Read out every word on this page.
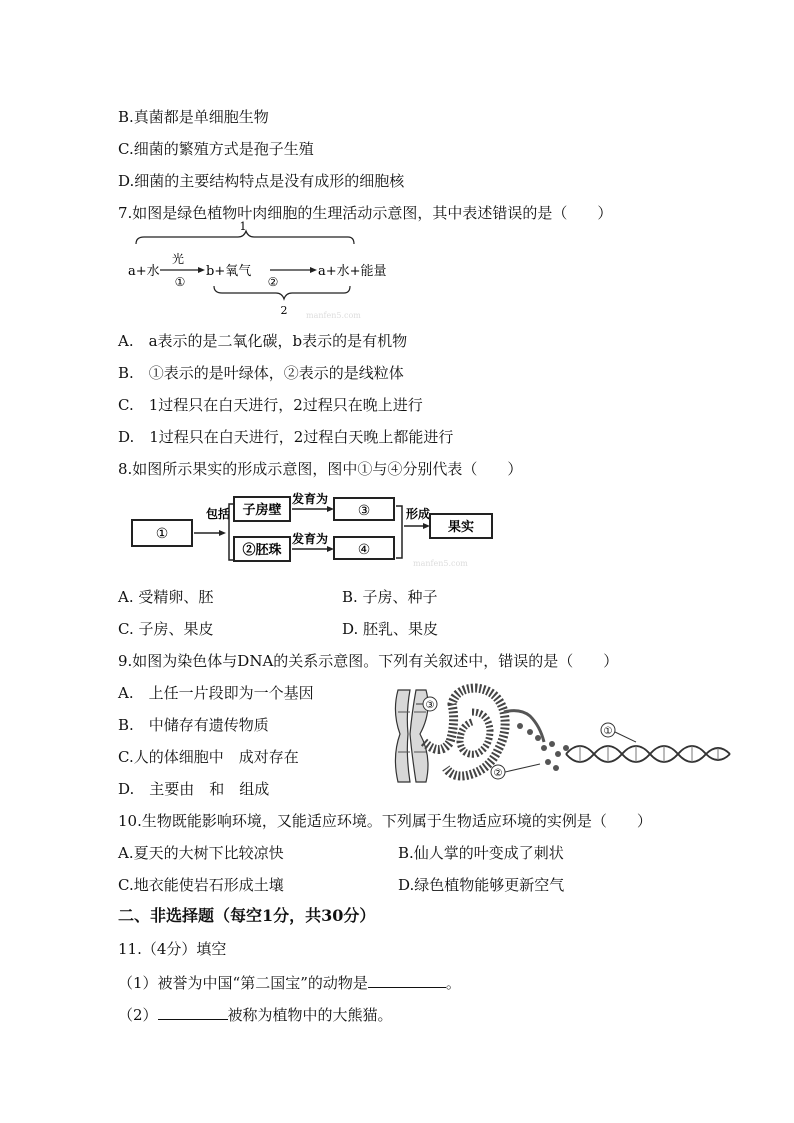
B.真菌都是单细胞生物
C.细菌的繁殖方式是孢子生殖
D.细菌的主要结构特点是没有成形的细胞核
7.如图是绿色植物叶肉细胞的生理活动示意图，其中表述错误的是（　　）
1
a+水
光
①
b+氧气
②
a+水+能量
2 manfen5.com
A.　a表示的是二氧化碳，b表示的是有机物
B.　①表示的是叶绿体，②表示的是线粒体
C.　1过程只在白天进行，2过程只在晚上进行
D.　1过程只在白天进行，2过程白天晚上都能进行
8.如图所示果实的形成示意图，图中①与④分别代表（　　）
①
包括 子房壁
②胚珠
发育为
发育为
③
④
形成
果实
manfen5.com
A. 受精卵、胚	B. 子房、种子
C. 子房、果皮	D. 胚乳、果皮
9.如图为染色体与DNA的关系示意图。下列有关叙述中，错误的是（　　）
A.　上任一片段即为一个基因
B.　中储存有遗传物质
C.人的体细胞中　成对存在
D.　主要由　和　组成
③
②
①
10.生物既能影响环境，又能适应环境。下列属于生物适应环境的实例是（　　）
A.夏天的大树下比较凉快	B.仙人掌的叶变成了刺状
C.地衣能使岩石形成土壤	D.绿色植物能够更新空气
二、非选择题（每空1分，共30分）
11.（4分）填空
（1）被誉为中国“第二国宝”的动物是	。
（2）	被称为植物中的大熊猫。
